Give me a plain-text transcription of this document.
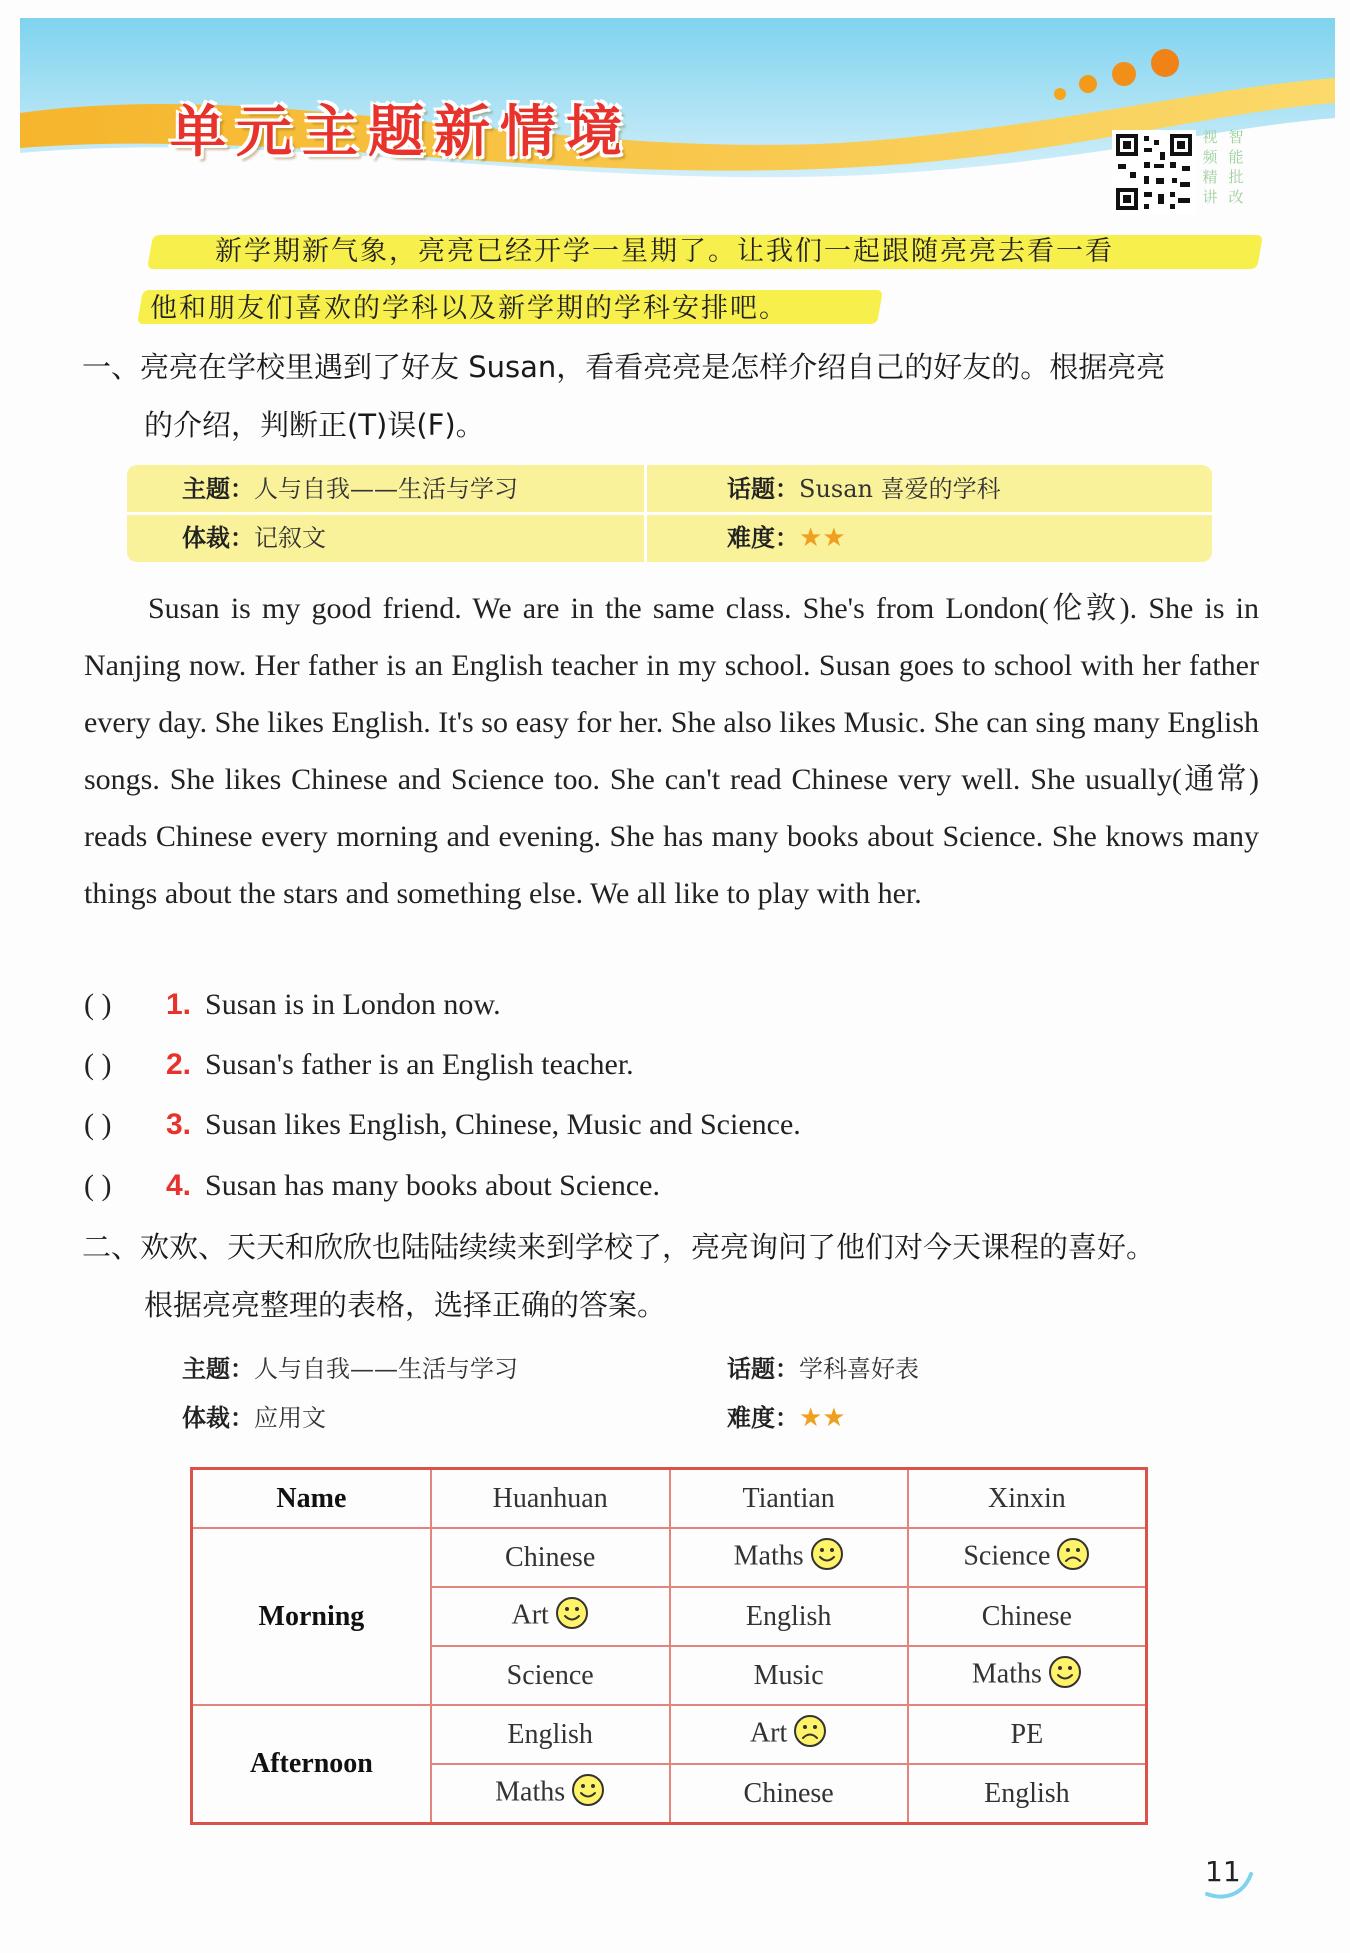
单元主题新情境	视 智
频 能
精 批
讲 改
新学期新气象，亮亮已经开学一星期了。让我们一起跟随亮亮去看一看
他和朋友们喜欢的学科以及新学期的学科安排吧。
一、亮亮在学校里遇到了好友 Susan，看看亮亮是怎样介绍自己的好友的。根据亮亮
的介绍，判断正(T)误(F)。
主题：人与自我——生活与学习	话题：Susan 喜爱的学科
体裁：记叙文	难度：★★

Susan is my good friend. We are in the same class. She's from London(伦敦). She is in Nanjing now. Her father is an English teacher in my school. Susan goes to school with her father every day. She likes English. It's so easy for her. She also likes Music. She can sing many English songs. She likes Chinese and Science too. She can't read Chinese very well. She usually(通常) reads Chinese every morning and evening. She has many books about Science. She knows many things about the stars and something else. We all like to play with her.

( ) 1. Susan is in London now.
( ) 2. Susan's father is an English teacher.
( ) 3. Susan likes English, Chinese, Music and Science.
( ) 4. Susan has many books about Science.
二、欢欢、天天和欣欣也陆陆续续来到学校了，亮亮询问了他们对今天课程的喜好。
根据亮亮整理的表格，选择正确的答案。
主题：人与自我——生活与学习	话题：学科喜好表
体裁：应用文	难度：★★
Name	Huanhuan	Tiantian	Xinxin
Morning	Chinese	Maths	Science
	Art	English	Chinese
	Science	Music	Maths
Afternoon	English	Art	PE
	Maths	Chinese	English
11
